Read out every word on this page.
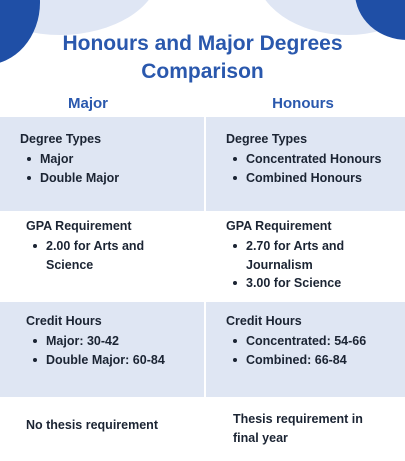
Honours and Major Degrees Comparison
Major	Honours

Degree Types

Major
Double Major

Degree Types

Concentrated Honours
Combined Honours

GPA Requirement

2.00 for Arts and Science

GPA Requirement

2.70 for Arts and Journalism
3.00 for Science

Credit Hours

Major: 30-42
Double Major: 60-84

Credit Hours

Concentrated: 54-66
Combined: 66-84

No thesis requirement	Thesis requirement in final year
